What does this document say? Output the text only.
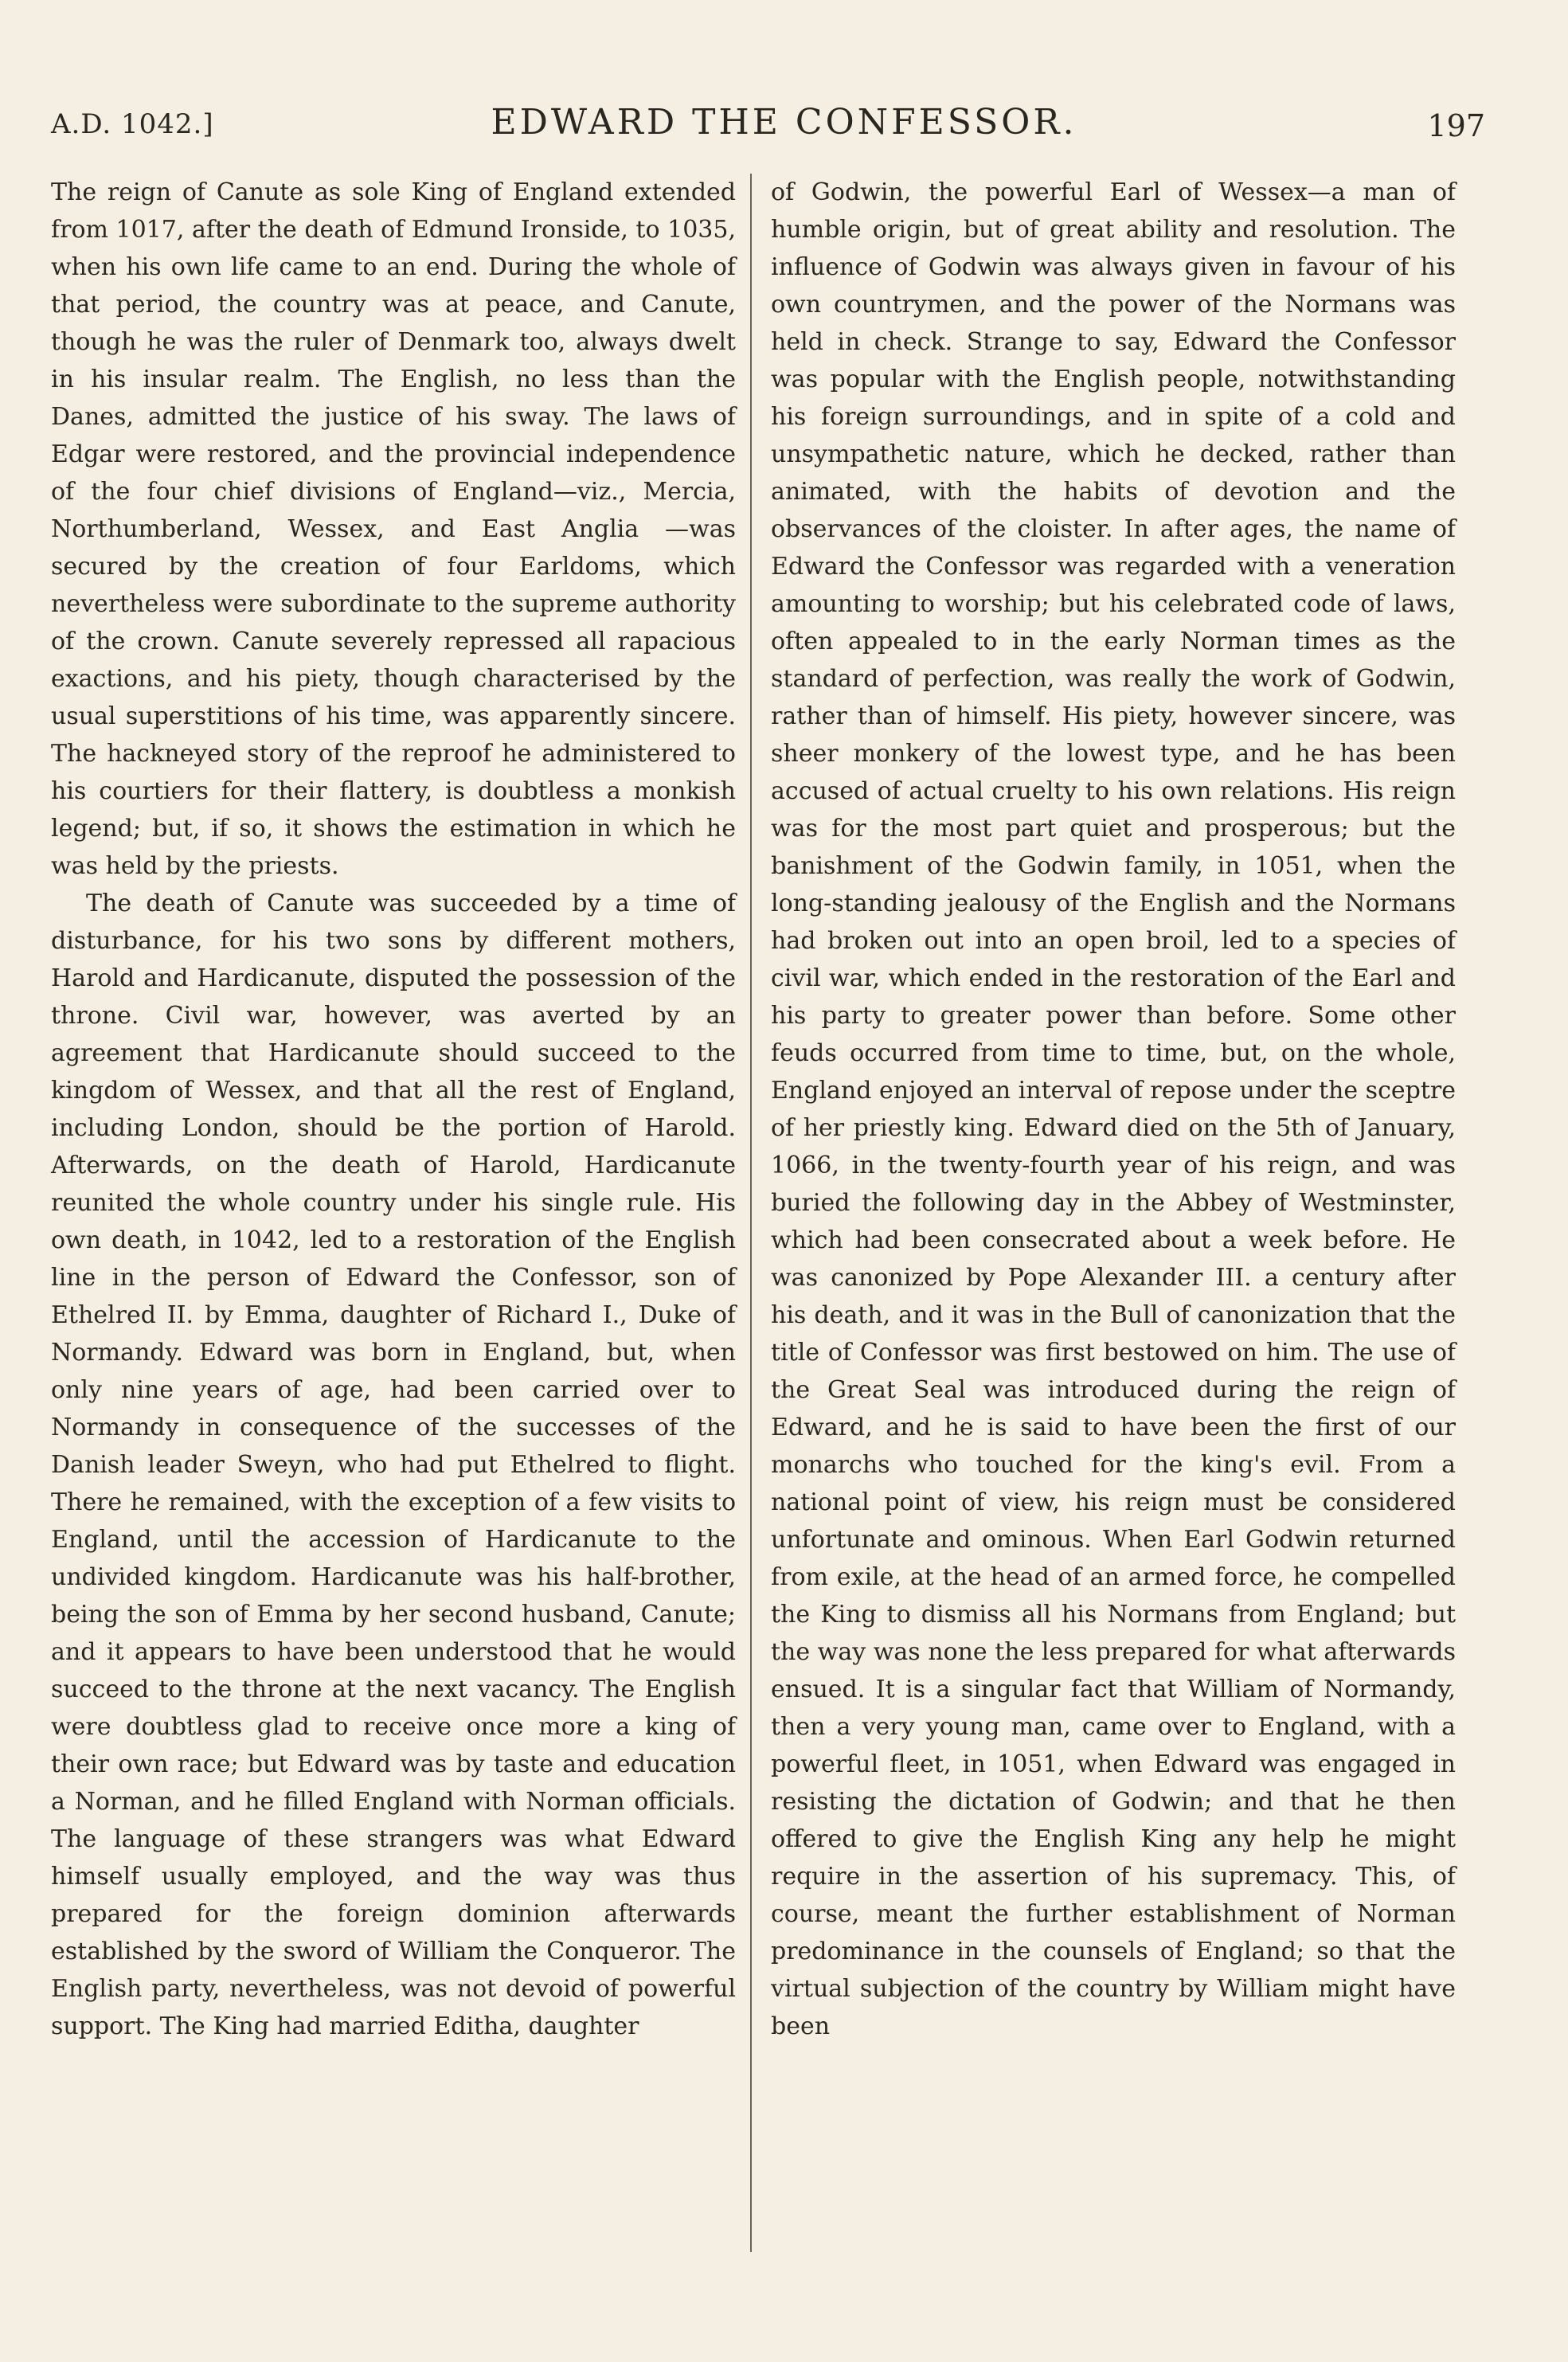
A.D. 1042.]	EDWARD THE CONFESSOR.	197

The reign of Canute as sole King of England extended from 1017, after the death of Edmund Ironside, to 1035, when his own life came to an end. During the whole of that period, the country was at peace, and Canute, though he was the ruler of Denmark too, always dwelt in his insular realm. The English, no less than the Danes, admitted the justice of his sway. The laws of Edgar were restored, and the provincial independence of the four chief divisions of England—viz., Mercia, Northumberland, Wessex, and East Anglia —was secured by the creation of four Earldoms, which nevertheless were subordinate to the supreme authority of the crown. Canute severely repressed all rapacious exactions, and his piety, though characterised by the usual superstitions of his time, was apparently sincere. The hackneyed story of the reproof he administered to his courtiers for their flattery, is doubtless a monkish legend; but, if so, it shows the estimation in which he was held by the priests.

The death of Canute was succeeded by a time of disturbance, for his two sons by different mothers, Harold and Hardicanute, disputed the possession of the throne. Civil war, however, was averted by an agreement that Hardicanute should succeed to the kingdom of Wessex, and that all the rest of England, including London, should be the portion of Harold. Afterwards, on the death of Harold, Hardicanute reunited the whole country under his single rule. His own death, in 1042, led to a restoration of the English line in the person of Edward the Confessor, son of Ethelred II. by Emma, daughter of Richard I., Duke of Normandy. Edward was born in England, but, when only nine years of age, had been carried over to Normandy in consequence of the successes of the Danish leader Sweyn, who had put Ethelred to flight. There he remained, with the exception of a few visits to England, until the accession of Hardicanute to the undivided kingdom. Hardicanute was his half-brother, being the son of Emma by her second husband, Canute; and it appears to have been understood that he would succeed to the throne at the next vacancy. The English were doubtless glad to receive once more a king of their own race; but Edward was by taste and education a Norman, and he filled England with Norman officials. The language of these strangers was what Edward himself usually employed, and the way was thus prepared for the foreign dominion afterwards established by the sword of William the Conqueror. The English party, nevertheless, was not devoid of powerful support. The King had married Editha, daughter

of Godwin, the powerful Earl of Wessex—a man of humble origin, but of great ability and resolution. The influence of Godwin was always given in favour of his own countrymen, and the power of the Normans was held in check. Strange to say, Edward the Confessor was popular with the English people, notwithstanding his foreign surroundings, and in spite of a cold and unsympathetic nature, which he decked, rather than animated, with the habits of devotion and the observances of the cloister. In after ages, the name of Edward the Confessor was regarded with a veneration amounting to worship; but his celebrated code of laws, often appealed to in the early Norman times as the standard of perfection, was really the work of Godwin, rather than of himself. His piety, however sincere, was sheer monkery of the lowest type, and he has been accused of actual cruelty to his own relations. His reign was for the most part quiet and prosperous; but the banishment of the Godwin family, in 1051, when the long-standing jealousy of the English and the Normans had broken out into an open broil, led to a species of civil war, which ended in the restoration of the Earl and his party to greater power than before. Some other feuds occurred from time to time, but, on the whole, England enjoyed an interval of repose under the sceptre of her priestly king. Edward died on the 5th of January, 1066, in the twenty-fourth year of his reign, and was buried the following day in the Abbey of Westminster, which had been consecrated about a week before. He was canonized by Pope Alexander III. a century after his death, and it was in the Bull of canonization that the title of Confessor was first bestowed on him. The use of the Great Seal was introduced during the reign of Edward, and he is said to have been the first of our monarchs who touched for the king's evil. From a national point of view, his reign must be considered unfortunate and ominous. When Earl Godwin returned from exile, at the head of an armed force, he compelled the King to dismiss all his Normans from England; but the way was none the less prepared for what afterwards ensued. It is a singular fact that William of Normandy, then a very young man, came over to England, with a powerful fleet, in 1051, when Edward was engaged in resisting the dictation of Godwin; and that he then offered to give the English King any help he might require in the assertion of his supremacy. This, of course, meant the further establishment of Norman predominance in the counsels of England; so that the virtual subjection of the country by William might have been
